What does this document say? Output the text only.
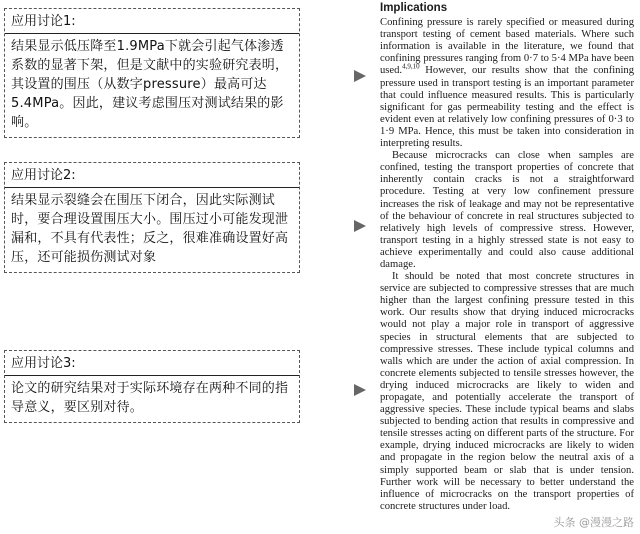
应用讨论1:
结果显示低压降至1.9MPa下就会引起气体渗透系数的显著下架，但是文献中的实验研究表明，其设置的围压（从数字pressure）最高可达5.4MPa。因此，建议考虑围压对测试结果的影响。
应用讨论2:
结果显示裂缝会在围压下闭合，因此实际测试时，要合理设置围压大小。围压过小可能发现泄漏和，不具有代表性；反之，很难准确设置好高压，还可能损伤测试对象
应用讨论3:
论文的研究结果对于实际环境存在两种不同的指导意义，要区别对待。
Implications

Confining pressure is rarely specified or measured during transport testing of cement based materials. Where such information is available in the literature, we found that confining pressures ranging from 0·7 to 5·4 MPa have been used.$^{4,9,10}$ However, our results show that the confining pressure used in transport testing is an important parameter that could influence measured results. This is particularly significant for gas permeability testing and the effect is evident even at relatively low confining pressures of 0·3 to 1·9 MPa. Hence, this must be taken into consideration in interpreting results.

Because microcracks can close when samples are confined, testing the transport properties of concrete that inherently contain cracks is not a straightforward procedure. Testing at very low confinement pressure increases the risk of leakage and may not be representative of the behaviour of concrete in real structures subjected to relatively high levels of compressive stress. However, transport testing in a highly stressed state is not easy to achieve experimentally and could also cause additional damage.

It should be noted that most concrete structures in service are subjected to compressive stresses that are much higher than the largest confining pressure tested in this work. Our results show that drying induced microcracks would not play a major role in transport of aggressive species in structural elements that are subjected to compressive stresses. These include typical columns and walls which are under the action of axial compression. In concrete elements subjected to tensile stresses however, the drying induced microcracks are likely to widen and propagate, and potentially accelerate the transport of aggressive species. These include typical beams and slabs subjected to bending action that results in compressive and tensile stresses acting on different parts of the structure. For example, drying induced microcracks are likely to widen and propagate in the region below the neutral axis of a simply supported beam or slab that is under tension. Further work will be necessary to better understand the influence of microcracks on the transport properties of concrete structures under load.

头条 @漫漫之路
